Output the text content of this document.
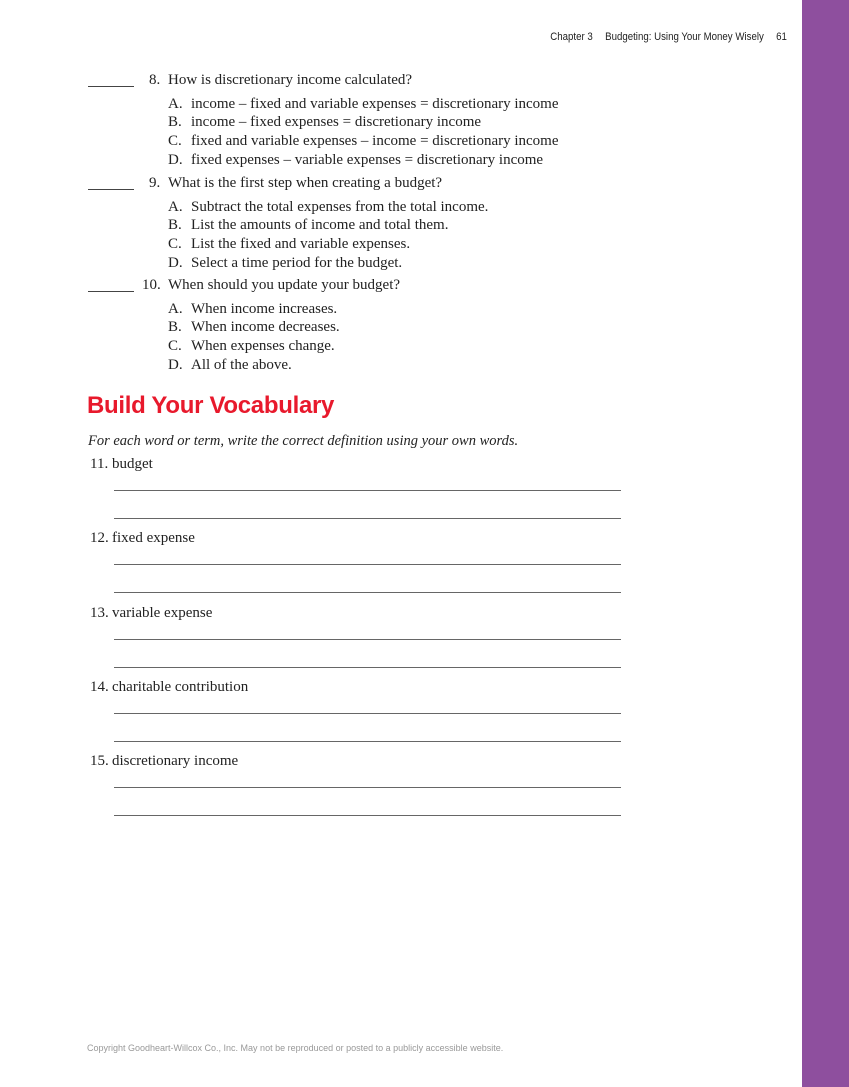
Chapter 3 Budgeting: Using Your Money Wisely 61
8. How is discretionary income calculated?
A. income – fixed and variable expenses = discretionary income
B. income – fixed expenses = discretionary income
C. fixed and variable expenses – income = discretionary income
D. fixed expenses – variable expenses = discretionary income
9. What is the first step when creating a budget?
A. Subtract the total expenses from the total income.
B. List the amounts of income and total them.
C. List the fixed and variable expenses.
D. Select a time period for the budget.
10. When should you update your budget?
A. When income increases.
B. When income decreases.
C. When expenses change.
D. All of the above.
Build Your Vocabulary
For each word or term, write the correct definition using your own words.
11. budget
12. fixed expense
13. variable expense
14. charitable contribution
15. discretionary income
Copyright Goodheart-Willcox Co., Inc. May not be reproduced or posted to a publicly accessible website.
